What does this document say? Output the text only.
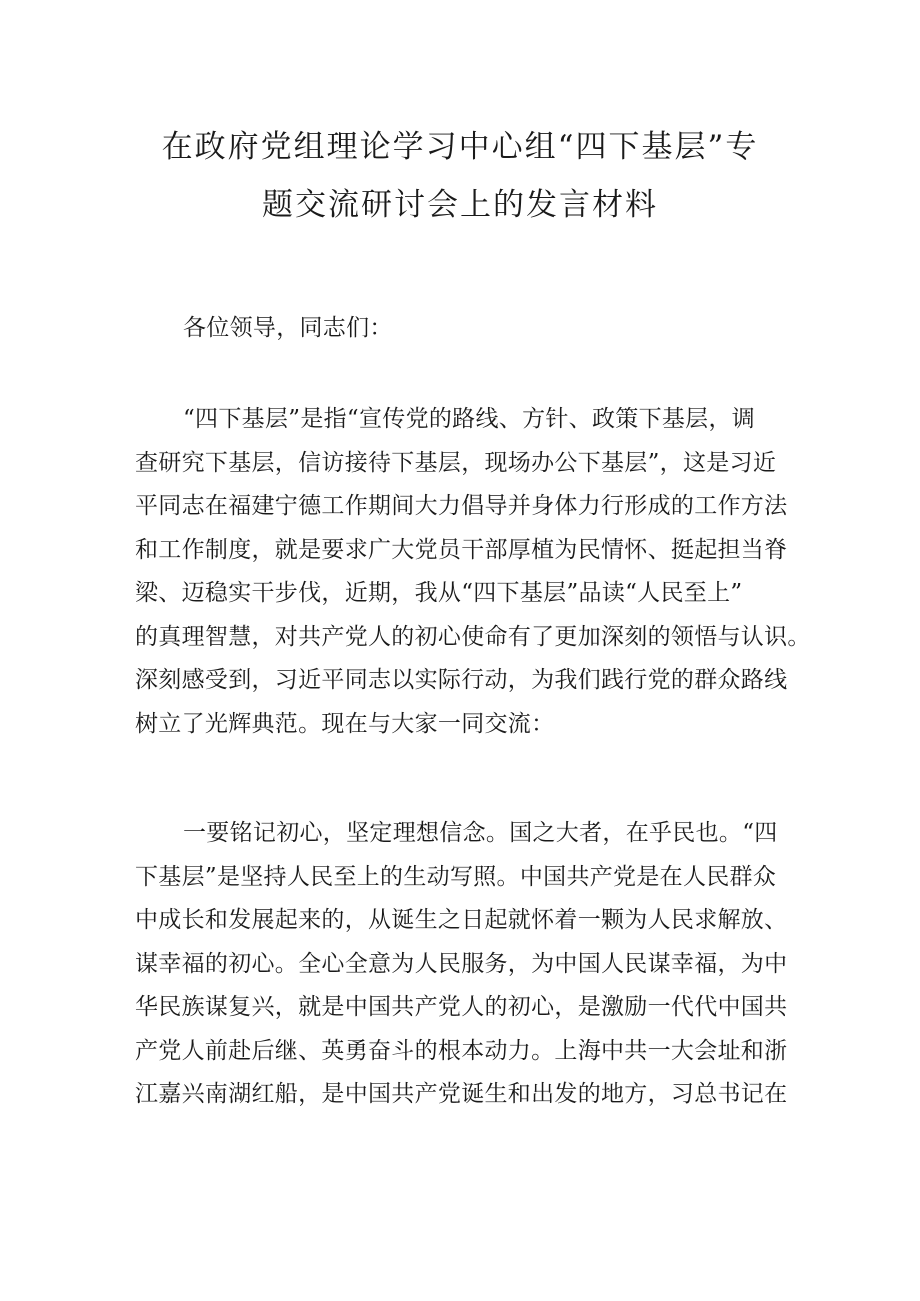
在政府党组理论学习中心组“四下基层”专
题交流研讨会上的发言材料
各位领导，同志们：
“四下基层”是指“宣传党的路线、方针、政策下基层，调
查研究下基层，信访接待下基层，现场办公下基层”，这是习近
平同志在福建宁德工作期间大力倡导并身体力行形成的工作方法
和工作制度，就是要求广大党员干部厚植为民情怀、挺起担当脊
梁、迈稳实干步伐，近期，我从“四下基层”品读“人民至上”
的真理智慧，对共产党人的初心使命有了更加深刻的领悟与认识。
深刻感受到，习近平同志以实际行动，为我们践行党的群众路线
树立了光辉典范。现在与大家一同交流：
一要铭记初心，坚定理想信念。国之大者，在乎民也。“四
下基层”是坚持人民至上的生动写照。中国共产党是在人民群众
中成长和发展起来的，从诞生之日起就怀着一颗为人民求解放、
谋幸福的初心。全心全意为人民服务，为中国人民谋幸福，为中
华民族谋复兴，就是中国共产党人的初心，是激励一代代中国共
产党人前赴后继、英勇奋斗的根本动力。上海中共一大会址和浙
江嘉兴南湖红船，是中国共产党诞生和出发的地方，习总书记在
